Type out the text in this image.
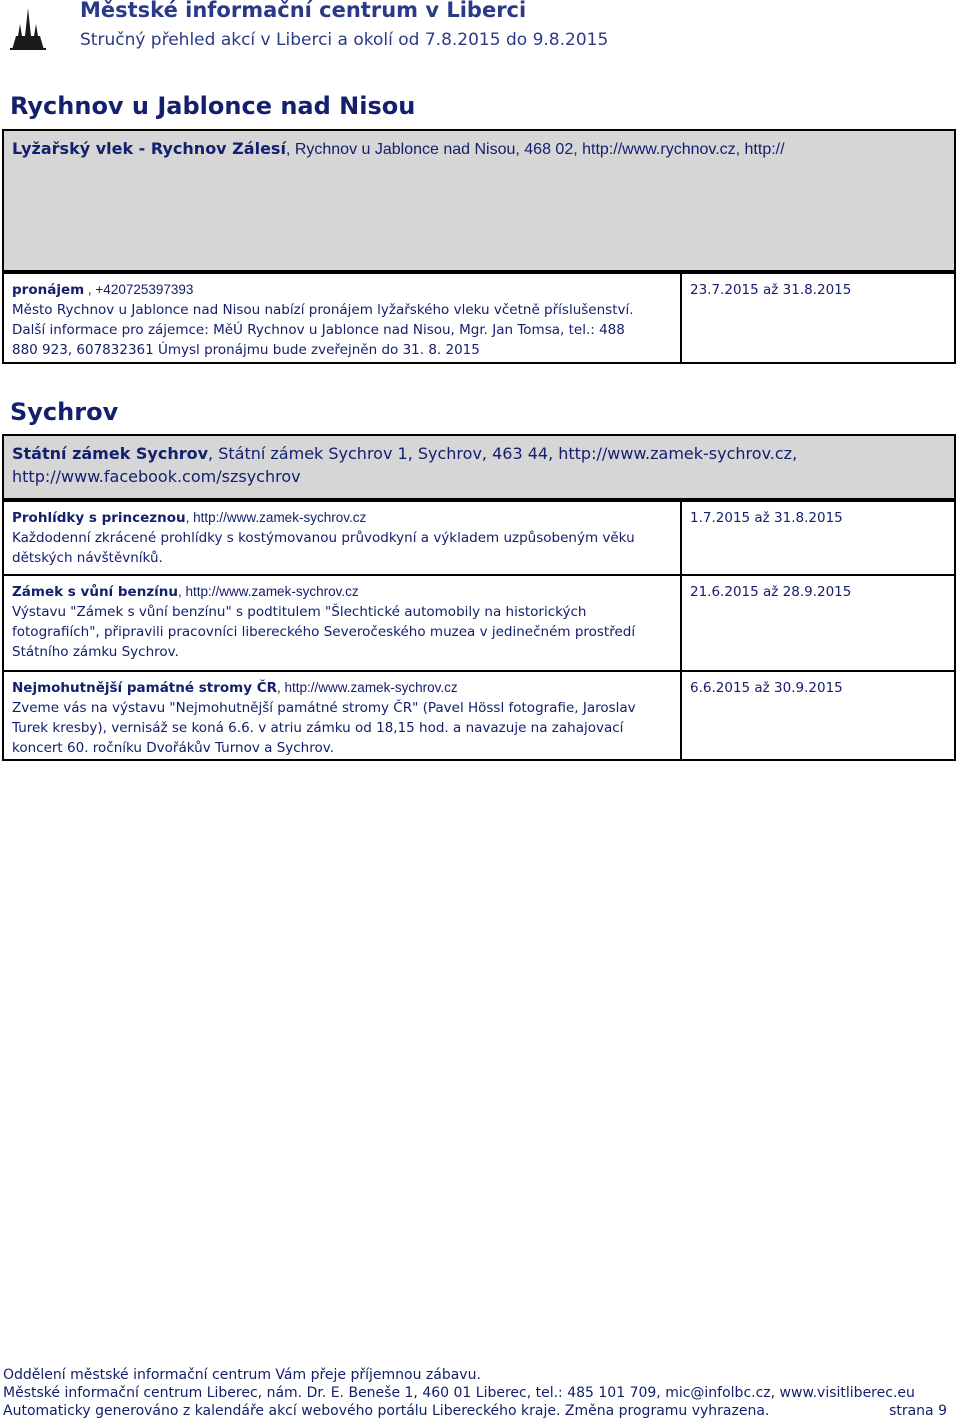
Městské informační centrum v Liberci
Stručný přehled akcí v Liberci a okolí od 7.8.2015 do 9.8.2015
Rychnov u Jablonce nad Nisou
Lyžařský vlek - Rychnov Zálesí, Rychnov u Jablonce nad Nisou, 468 02, http://www.rychnov.cz, http://
pronájem , +420725397393
Město Rychnov u Jablonce nad Nisou nabízí pronájem lyžařského vleku včetně příslušenství.
Další informace pro zájemce: MěÚ Rychnov u Jablonce nad Nisou, Mgr. Jan Tomsa, tel.: 488
880 923, 607832361 Úmysl pronájmu bude zveřejněn do 31. 8. 2015
23.7.2015 až 31.8.2015
Sychrov
Státní zámek Sychrov, Státní zámek Sychrov 1, Sychrov, 463 44, http://www.zamek-sychrov.cz,
http://www.facebook.com/szsychrov
Prohlídky s princeznou, http://www.zamek-sychrov.cz
Každodenní zkrácené prohlídky s kostýmovanou průvodkyní a výkladem uzpůsobeným věku
dětských návštěvníků.
1.7.2015 až 31.8.2015
Zámek s vůní benzínu, http://www.zamek-sychrov.cz
Výstavu "Zámek s vůní benzínu" s podtitulem "Šlechtické automobily na historických
fotografiích", připravili pracovníci libereckého Severočeského muzea v jedinečném prostředí
Státního zámku Sychrov.
21.6.2015 až 28.9.2015
Nejmohutnější památné stromy ČR, http://www.zamek-sychrov.cz
Zveme vás na výstavu "Nejmohutnější památné stromy ČR" (Pavel Hössl fotografie, Jaroslav
Turek kresby), vernisáž se koná 6.6. v atriu zámku od 18,15 hod. a navazuje na zahajovací
koncert 60. ročníku Dvořákův Turnov a Sychrov.
6.6.2015 až 30.9.2015
Oddělení městské informační centrum Vám přeje příjemnou zábavu.
Městské informační centrum Liberec, nám. Dr. E. Beneše 1, 460 01 Liberec, tel.: 485 101 709, mic@infolbc.cz, www.visitliberec.eu
Automaticky generováno z kalendáře akcí webového portálu Libereckého kraje. Změna programu vyhrazena.	strana 9
